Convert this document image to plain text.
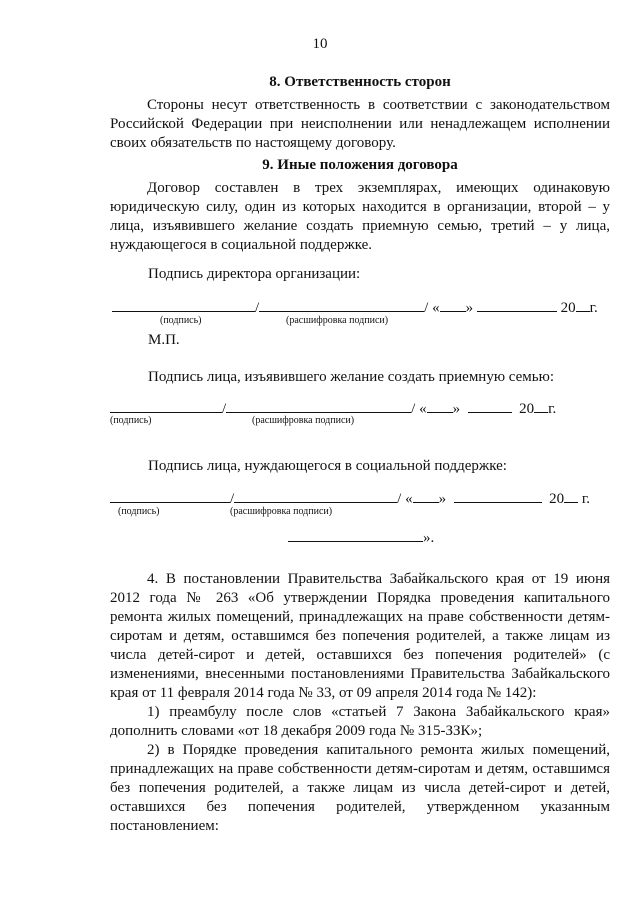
10
8. Ответственность сторон
Стороны несут ответственность в соответствии с законодательством Российской Федерации при неисполнении или ненадлежащем исполнении своих обязательств по настоящему договору.
9. Иные положения договора
Договор составлен в трех экземплярах, имеющих одинаковую юридическую силу, один из которых находится в организации, второй – у лица, изъявившего желание создать приемную семью, третий – у лица, нуждающегося в социальной поддержке.
Подпись директора организации:
/	/ « »	20 г.
(подпись)	(расшифровка подписи)
М.П.
Подпись лица, изъявившего желание создать приемную семью:
/	/ « »	20 г.
(подпись)	(расшифровка подписи)
Подпись лица, нуждающегося в социальной поддержке:
/	/ « »	20 г.
(подпись)	(расшифровка подписи)
».

4. В постановлении Правительства Забайкальского края от 19 июня 2012 года № 263 «Об утверждении Порядка проведения капитального ремонта жилых помещений, принадлежащих на праве собственности детям-сиротам и детям, оставшимся без попечения родителей, а также лицам из числа детей-сирот и детей, оставшихся без попечения родителей» (с изменениями, внесенными постановлениями Правительства Забайкальского края от 11 февраля 2014 года № 33, от 09 апреля 2014 года № 142):

1) преамбулу после слов «статьей 7 Закона Забайкальского края» дополнить словами «от 18 декабря 2009 года № 315-ЗЗК»;

2) в Порядке проведения капитального ремонта жилых помещений, принадлежащих на праве собственности детям-сиротам и детям, оставшимся без попечения родителей, а также лицам из числа детей-сирот и детей, оставшихся без попечения родителей, утвержденном указанным постановлением:
